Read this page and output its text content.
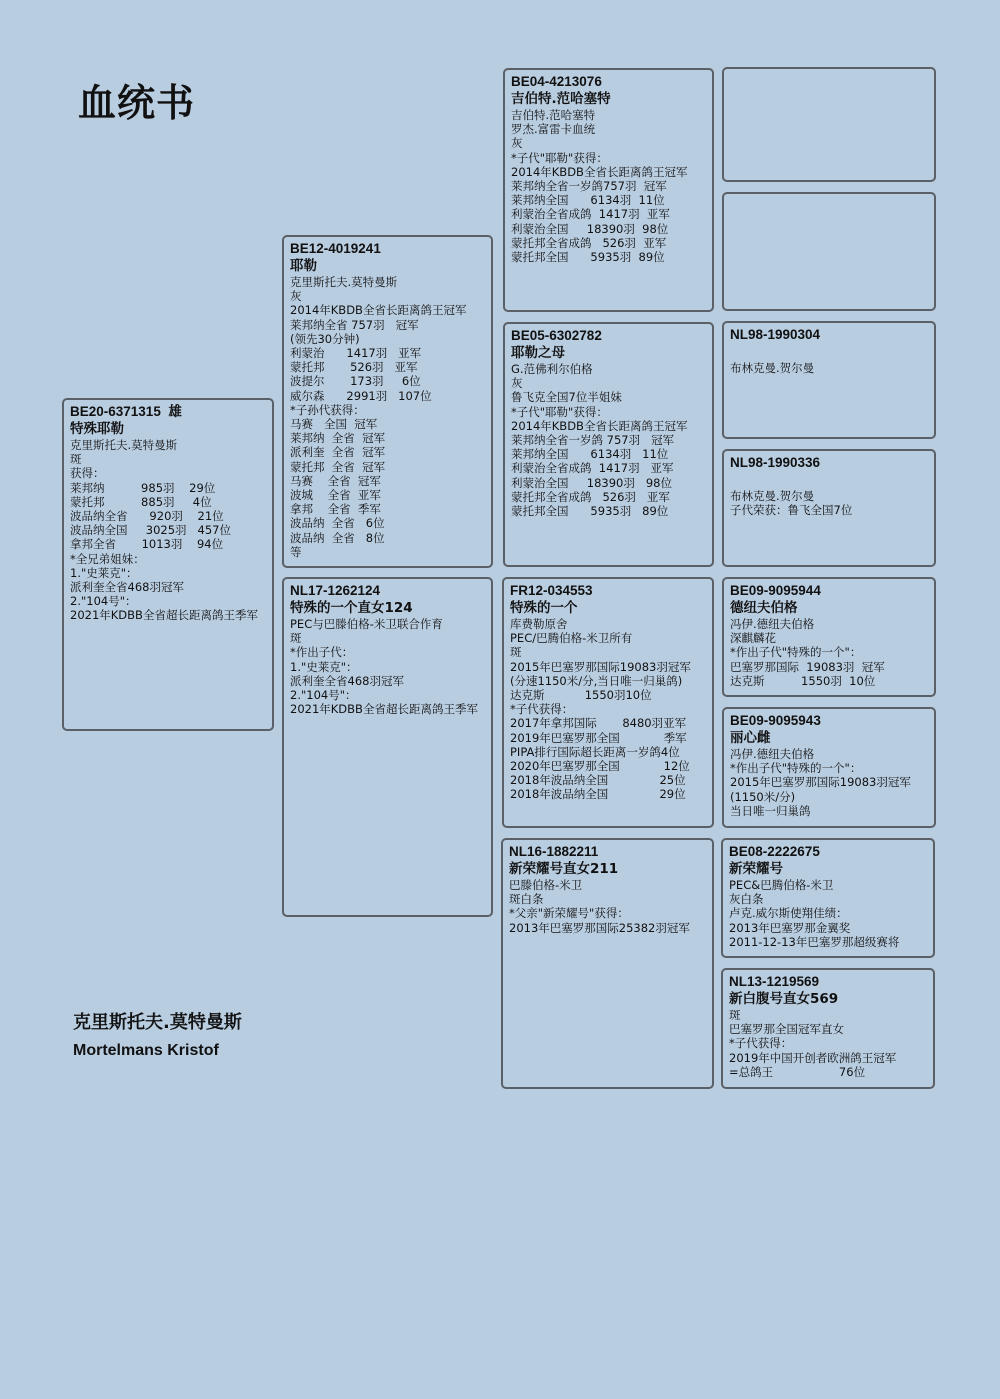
血统书
BE20-6371315  雄
特殊耶勒
克里斯托夫.莫特曼斯
斑
获得：
莱邦纳          985羽    29位
蒙托邦          885羽     4位
波品纳全省      920羽    21位
波品纳全国     3025羽   457位
拿邦全省       1013羽    94位
*全兄弟姐妹：
1."史莱克"：
派利奎全省468羽冠军
2."104号"：
2021年KDBB全省超长距离鸽王季军
BE12-4019241
耶勒
克里斯托夫.莫特曼斯
灰
2014年KBDB全省长距离鸽王冠军
莱邦纳全省 757羽   冠军
(领先30分钟)
利蒙治      1417羽   亚军
蒙托邦       526羽   亚军
波提尔       173羽     6位
威尔森      2991羽   107位
*子孙代获得：
马赛   全国  冠军
莱邦纳  全省  冠军
派利奎  全省  冠军
蒙托邦  全省  冠军
马赛    全省  冠军
波城    全省  亚军
拿邦    全省  季军
波品纳  全省   6位
波品纳  全省   8位
等
NL17-1262124
特殊的一个直女124
PEC与巴滕伯格-米卫联合作育
斑
*作出子代：
1."史莱克"：
派利奎全省468羽冠军
2."104号"：
2021年KDBB全省超长距离鸽王季军
BE04-4213076
吉伯特.范哈塞特
吉伯特.范哈塞特
罗杰.富雷卡血统
灰
*子代"耶勒"获得：
2014年KBDB全省长距离鸽王冠军
莱邦纳全省一岁鸽757羽  冠军
莱邦纳全国      6134羽  11位
利蒙治全省成鸽  1417羽  亚军
利蒙治全国     18390羽  98位
蒙托邦全省成鸽   526羽  亚军
蒙托邦全国      5935羽  89位
BE05-6302782
耶勒之母
G.范佛利尔伯格
灰
鲁飞克全国7位半姐妹
*子代"耶勒"获得：
2014年KBDB全省长距离鸽王冠军
莱邦纳全省一岁鸽 757羽   冠军
莱邦纳全国      6134羽   11位
利蒙治全省成鸽  1417羽   亚军
利蒙治全国     18390羽   98位
蒙托邦全省成鸽   526羽   亚军
蒙托邦全国      5935羽   89位
FR12-034553
特殊的一个
库费勒原舍
PEC/巴腾伯格-米卫所有
斑
2015年巴塞罗那国际19083羽冠军
(分速1150米/分,当日唯一归巢鸽)
达克斯           1550羽10位
*子代获得：
2017年拿邦国际       8480羽亚军
2019年巴塞罗那全国            季军
PIPA排行国际超长距离一岁鸽4位
2020年巴塞罗那全国            12位
2018年波品纳全国              25位
2018年波品纳全国              29位
NL16-1882211
新荣耀号直女211
巴滕伯格-米卫
斑白条
*父亲"新荣耀号"获得：
2013年巴塞罗那国际25382羽冠军
NL98-1990304
布林克曼.贺尔曼
NL98-1990336
布林克曼.贺尔曼
子代荣获：鲁飞全国7位
BE09-9095944
德纽夫伯格
冯伊.德纽夫伯格
深麒麟花
*作出子代"特殊的一个"：
巴塞罗那国际  19083羽  冠军
达克斯          1550羽  10位
BE09-9095943
丽心雌
冯伊.德纽夫伯格
*作出子代"特殊的一个"：
2015年巴塞罗那国际19083羽冠军
(1150米/分)
当日唯一归巢鸽
BE08-2222675
新荣耀号
PEC&巴腾伯格-米卫
灰白条
卢克.威尔斯使翔佳绩：
2013年巴塞罗那金翼奖
2011-12-13年巴塞罗那超级赛将
NL13-1219569
新白腹号直女569
斑
巴塞罗那全国冠军直女
*子代获得：
2019年中国开创者欧洲鸽王冠军
=总鸽王                  76位
克里斯托夫.莫特曼斯
Mortelmans Kristof
